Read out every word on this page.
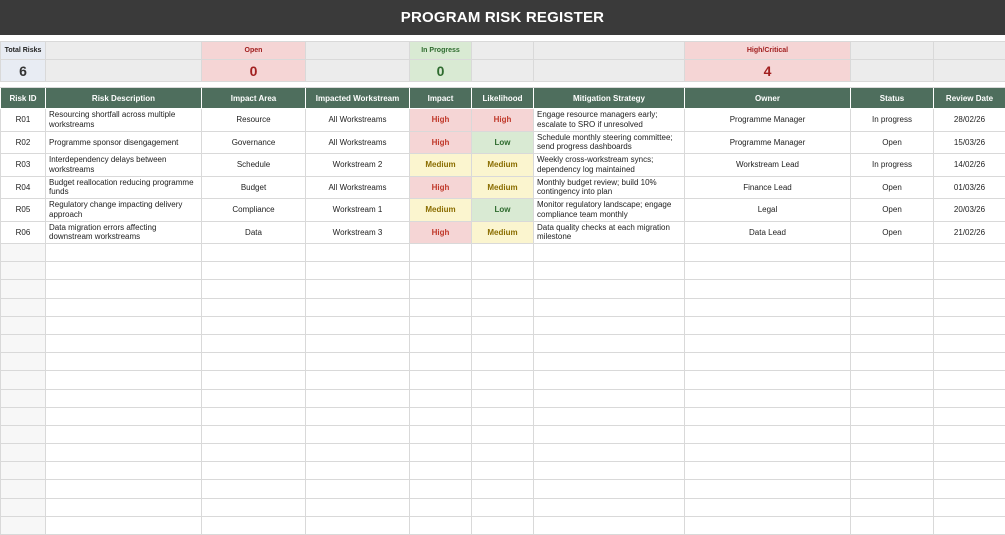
PROGRAM RISK REGISTER
Total Risks		Open		In Progress			High/Critical		
6		0		0			4		

Risk ID	Risk Description	Impact Area	Impacted Workstream	Impact	Likelihood	Mitigation Strategy	Owner	Status	Review Date
R01	Resourcing shortfall across multiple workstreams	Resource	All Workstreams	High	High	Engage resource managers early; escalate to SRO if unresolved	Programme Manager	In progress	28/02/26
R02	Programme sponsor disengagement	Governance	All Workstreams	High	Low	Schedule monthly steering committee; send progress dashboards	Programme Manager	Open	15/03/26
R03	Interdependency delays between workstreams	Schedule	Workstream 2	Medium	Medium	Weekly cross-workstream syncs; dependency log maintained	Workstream Lead	In progress	14/02/26
R04	Budget reallocation reducing programme funds	Budget	All Workstreams	High	Medium	Monthly budget review; build 10% contingency into plan	Finance Lead	Open	01/03/26
R05	Regulatory change impacting delivery approach	Compliance	Workstream 1	Medium	Low	Monitor regulatory landscape; engage compliance team monthly	Legal	Open	20/03/26
R06	Data migration errors affecting downstream workstreams	Data	Workstream 3	High	Medium	Data quality checks at each migration milestone	Data Lead	Open	21/02/26
